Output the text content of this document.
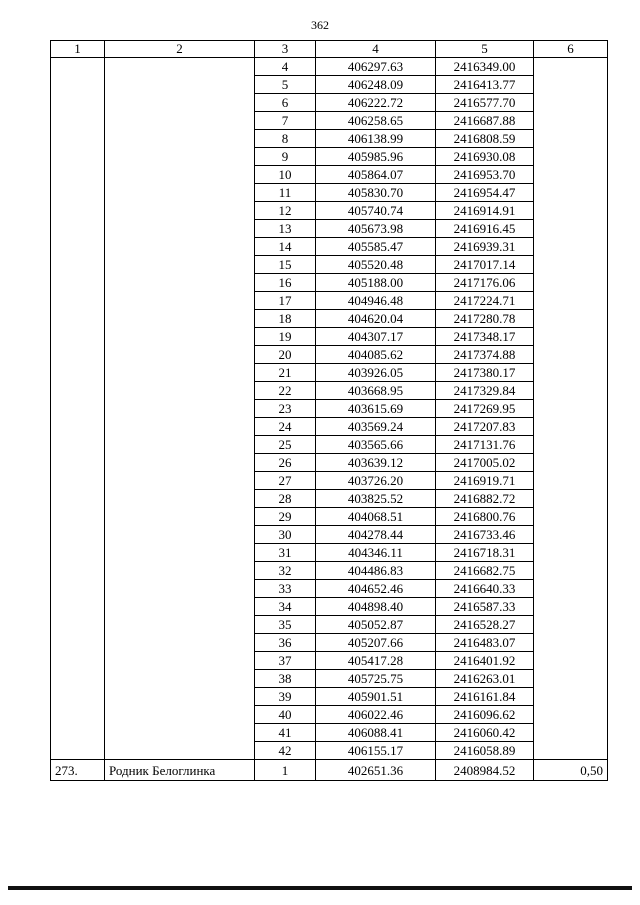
362
1	2	3	4	5	6
		4	406297.63	2416349.00	
		5	406248.09	2416413.77	
		6	406222.72	2416577.70	
		7	406258.65	2416687.88	
		8	406138.99	2416808.59	
		9	405985.96	2416930.08	
		10	405864.07	2416953.70	
		11	405830.70	2416954.47	
		12	405740.74	2416914.91	
		13	405673.98	2416916.45	
		14	405585.47	2416939.31	
		15	405520.48	2417017.14	
		16	405188.00	2417176.06	
		17	404946.48	2417224.71	
		18	404620.04	2417280.78	
		19	404307.17	2417348.17	
		20	404085.62	2417374.88	
		21	403926.05	2417380.17	
		22	403668.95	2417329.84	
		23	403615.69	2417269.95	
		24	403569.24	2417207.83	
		25	403565.66	2417131.76	
		26	403639.12	2417005.02	
		27	403726.20	2416919.71	
		28	403825.52	2416882.72	
		29	404068.51	2416800.76	
		30	404278.44	2416733.46	
		31	404346.11	2416718.31	
		32	404486.83	2416682.75	
		33	404652.46	2416640.33	
		34	404898.40	2416587.33	
		35	405052.87	2416528.27	
		36	405207.66	2416483.07	
		37	405417.28	2416401.92	
		38	405725.75	2416263.01	
		39	405901.51	2416161.84	
		40	406022.46	2416096.62	
		41	406088.41	2416060.42	
		42	406155.17	2416058.89	
273.	Родник Белоглинка	1	402651.36	2408984.52	0,50
